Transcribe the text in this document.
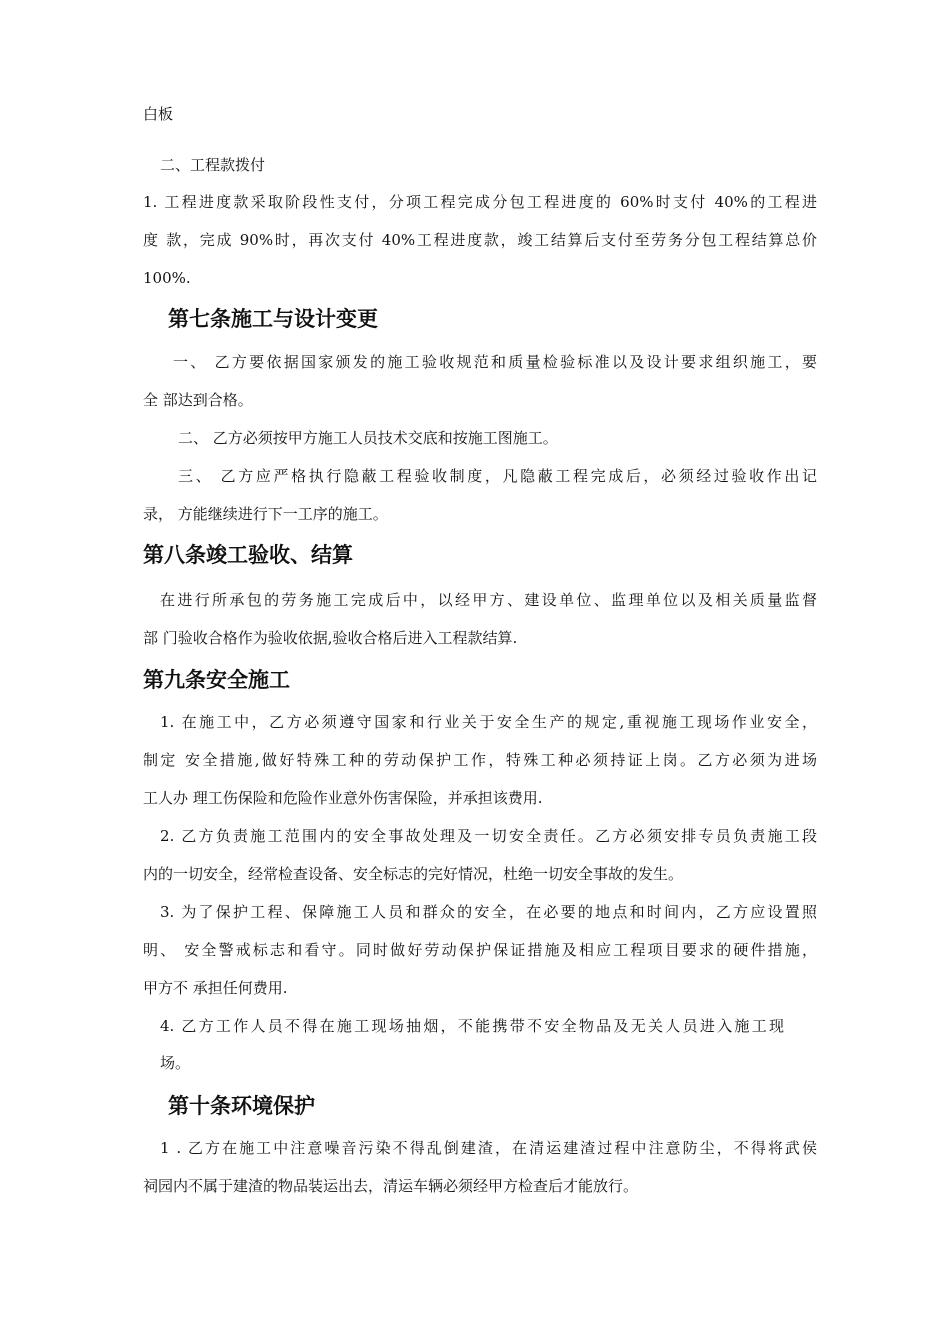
白板
二、工程款拨付
1. 工程进度款采取阶段性支付，分项工程完成分包工程进度的 60%时支付 40%的工程进
度 款，完成 90%时，再次支付 40%工程进度款，竣工结算后支付至劳务分包工程结算总价
100%.
第七条施工与设计变更
一、 乙方要依据国家颁发的施工验收规范和质量检验标准以及设计要求组织施工，要
全 部达到合格。
二、 乙方必须按甲方施工人员技术交底和按施工图施工。
三、 乙方应严格执行隐蔽工程验收制度，凡隐蔽工程完成后，必须经过验收作出记
录， 方能继续进行下一工序的施工。
第八条竣工验收、结算
在进行所承包的劳务施工完成后中，以经甲方、建设单位、监理单位以及相关质量监督
部 门验收合格作为验收依据,验收合格后进入工程款结算.
第九条安全施工
1. 在施工中，乙方必须遵守国家和行业关于安全生产的规定,重视施工现场作业安全，
制定 安全措施,做好特殊工种的劳动保护工作，特殊工种必须持证上岗。乙方必须为进场
工人办 理工伤保险和危险作业意外伤害保险，并承担该费用.
2. 乙方负责施工范围内的安全事故处理及一切安全责任。乙方必须安排专员负责施工段
内的一切安全，经常检查设备、安全标志的完好情况，杜绝一切安全事故的发生。
3. 为了保护工程、保障施工人员和群众的安全，在必要的地点和时间内，乙方应设置照
明、 安全警戒标志和看守。同时做好劳动保护保证措施及相应工程项目要求的硬件措施，
甲方不 承担任何费用.
4. 乙方工作人员不得在施工现场抽烟，不能携带不安全物品及无关人员进入施工现
场。
第十条环境保护
1 . 乙方在施工中注意噪音污染不得乱倒建渣，在清运建渣过程中注意防尘，不得将武侯
祠园内不属于建渣的物品装运出去，清运车辆必须经甲方检查后才能放行。
